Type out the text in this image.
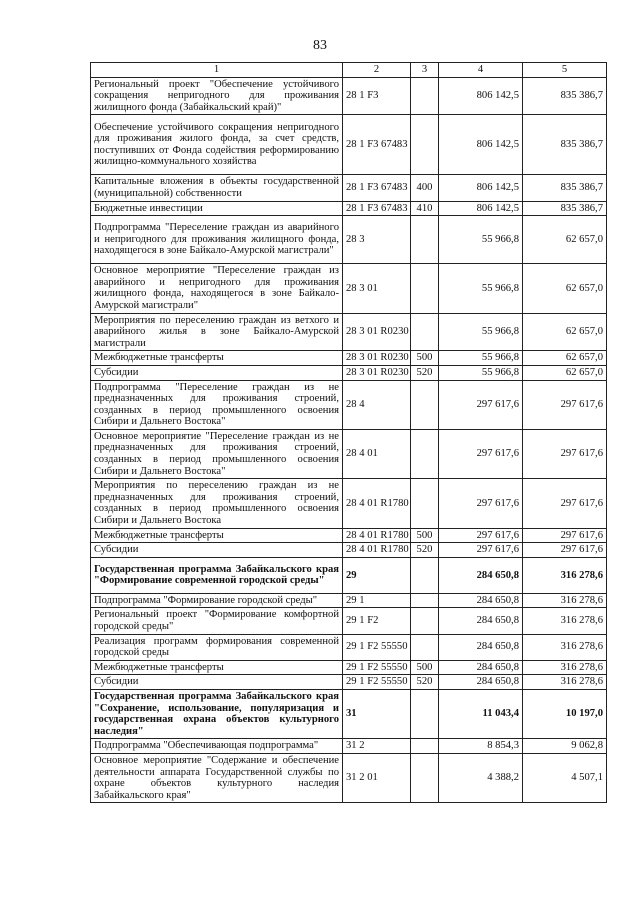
83
1	2	3	4	5
Региональный проект "Обеспечение устойчивого сокращения непригодного для проживания жилищного фонда (Забайкальский край)"	28 1 F3		806 142,5	835 386,7
Обеспечение устойчивого сокращения непригодного для проживания жилого фонда, за счет средств, поступивших от Фонда содействия реформированию жилищно-коммунального хозяйства	28 1 F3 67483		806 142,5	835 386,7
Капитальные вложения в объекты государственной (муниципальной) собственности	28 1 F3 67483	400	806 142,5	835 386,7
Бюджетные инвестиции	28 1 F3 67483	410	806 142,5	835 386,7
Подпрограмма "Переселение граждан из аварийного и непригодного для проживания жилищного фонда, находящегося в зоне Байкало-Амурской магистрали"	28 3		55 966,8	62 657,0
Основное мероприятие "Переселение граждан из аварийного и непригодного для проживания жилищного фонда, находящегося в зоне Байкало-Амурской магистрали"	28 3 01		55 966,8	62 657,0
Мероприятия по переселению граждан из ветхого и аварийного жилья в зоне Байкало-Амурской магистрали	28 3 01 R0230		55 966,8	62 657,0
Межбюджетные трансферты	28 3 01 R0230	500	55 966,8	62 657,0
Субсидии	28 3 01 R0230	520	55 966,8	62 657,0
Подпрограмма "Переселение граждан из не предназначенных для проживания строений, созданных в период промышленного освоения Сибири и Дальнего Востока"	28 4		297 617,6	297 617,6
Основное мероприятие "Переселение граждан из не предназначенных для проживания строений, созданных в период промышленного освоения Сибири и Дальнего Востока"	28 4 01		297 617,6	297 617,6
Мероприятия по переселению граждан из не предназначенных для проживания строений, созданных в период промышленного освоения Сибири и Дальнего Востока	28 4 01 R1780		297 617,6	297 617,6
Межбюджетные трансферты	28 4 01 R1780	500	297 617,6	297 617,6
Субсидии	28 4 01 R1780	520	297 617,6	297 617,6
Государственная программа Забайкальского края "Формирование современной городской среды"	29		284 650,8	316 278,6
Подпрограмма "Формирование городской среды"	29 1		284 650,8	316 278,6
Региональный проект "Формирование комфортной городской среды"	29 1 F2		284 650,8	316 278,6
Реализация программ формирования современной городской среды	29 1 F2 55550		284 650,8	316 278,6
Межбюджетные трансферты	29 1 F2 55550	500	284 650,8	316 278,6
Субсидии	29 1 F2 55550	520	284 650,8	316 278,6
Государственная программа Забайкальского края "Сохранение, использование, популяризация и государственная охрана объектов культурного наследия"	31		11 043,4	10 197,0
Подпрограмма "Обеспечивающая подпрограмма"	31 2		8 854,3	9 062,8
Основное мероприятие "Содержание и обеспечение деятельности аппарата Государственной службы по охране объектов культурного наследия Забайкальского края"	31 2 01		4 388,2	4 507,1
